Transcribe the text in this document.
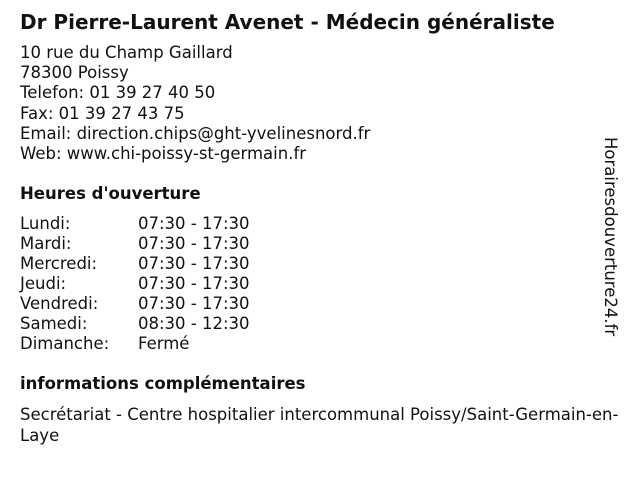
Dr Pierre-Laurent Avenet - Médecin généraliste
10 rue du Champ Gaillard
78300 Poissy
Telefon: 01 39 27 40 50
Fax: 01 39 27 43 75
Email: direction.chips@ght-yvelinesnord.fr
Web: www.chi-poissy-st-germain.fr
Heures d'ouverture
Lundi:	07:30 - 17:30
Mardi:	07:30 - 17:30
Mercredi: 07:30 - 17:30
Jeudi:	07:30 - 17:30
Vendredi: 07:30 - 17:30
Samedi:	08:30 - 12:30
Dimanche: Fermé
informations complémentaires
Secrétariat - Centre hospitalier intercommunal Poissy/Saint-Germain-en-Laye
Horairesdouverture24.fr
